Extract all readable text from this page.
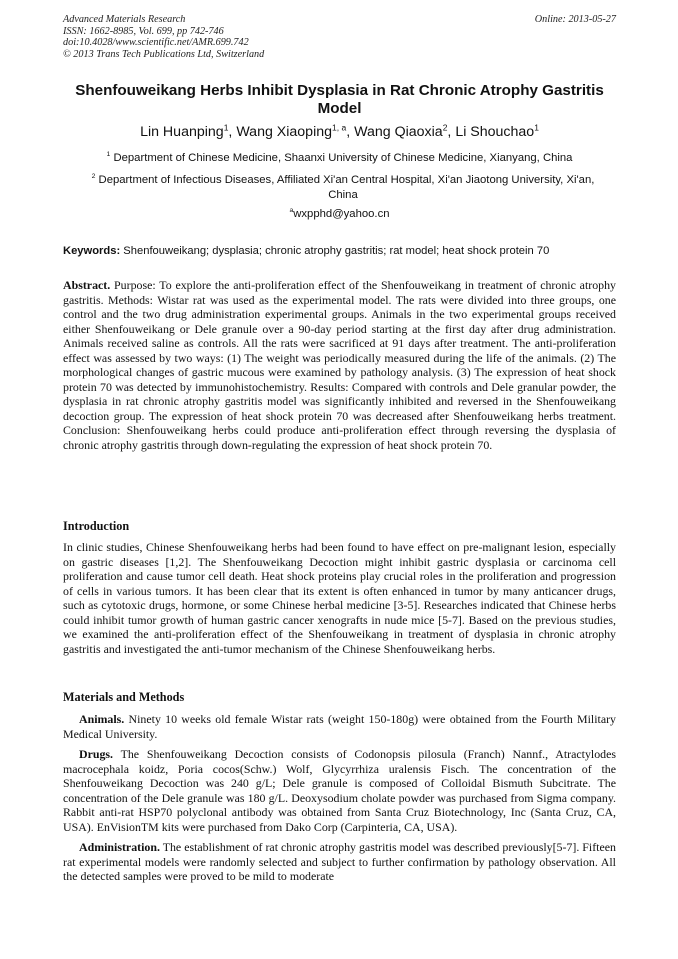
Advanced Materials Research
ISSN: 1662-8985, Vol. 699, pp 742-746
doi:10.4028/www.scientific.net/AMR.699.742
© 2013 Trans Tech Publications Ltd, Switzerland
Online: 2013-05-27
Shenfouweikang Herbs Inhibit Dysplasia in Rat Chronic Atrophy Gastritis Model
Lin Huanping$^1$, Wang Xiaoping$^{1, a}$, Wang Qiaoxia$^2$, Li Shouchao$^1$
$^1$ Department of Chinese Medicine, Shaanxi University of Chinese Medicine, Xianyang, China
$^2$ Department of Infectious Diseases, Affiliated Xi'an Central Hospital, Xi'an Jiaotong University, Xi'an, China
$^a$wxpphd@yahoo.cn
Keywords: Shenfouweikang; dysplasia; chronic atrophy gastritis; rat model; heat shock protein 70

Abstract. Purpose: To explore the anti-proliferation effect of the Shenfouweikang in treatment of chronic atrophy gastritis. Methods: Wistar rat was used as the experimental model. The rats were divided into three groups, one control and the two drug administration experimental groups. Animals in the two experimental groups received either Shenfouweikang or Dele granule over a 90-day period starting at the first day after drug administration. Animals received saline as controls. All the rats were sacrificed at 91 days after treatment. The anti-proliferation effect was assessed by two ways: (1) The weight was periodically measured during the life of the animals. (2) The morphological changes of gastric mucous were examined by pathology analysis. (3) The expression of heat shock protein 70 was detected by immunohistochemistry. Results: Compared with controls and Dele granular powder, the dysplasia in rat chronic atrophy gastritis model was significantly inhibited and reversed in the Shenfouweikang decoction group. The expression of heat shock protein 70 was decreased after Shenfouweikang herbs treatment. Conclusion: Shenfouweikang herbs could produce anti-proliferation effect through reversing the dysplasia of chronic atrophy gastritis through down-regulating the expression of heat shock protein 70.

Introduction

In clinic studies, Chinese Shenfouweikang herbs had been found to have effect on pre-malignant lesion, especially on gastric diseases [1,2]. The Shenfouweikang Decoction might inhibit gastric dysplasia or carcinoma cell proliferation and cause tumor cell death. Heat shock proteins play crucial roles in the proliferation and progression of cells in various tumors. It has been clear that its extent is often enhanced in tumor by many anticancer drugs, such as cytotoxic drugs, hormone, or some Chinese herbal medicine [3-5]. Researches indicated that Chinese herbs could inhibit tumor growth of human gastric cancer xenografts in nude mice [5-7]. Based on the previous studies, we examined the anti-proliferation effect of the Shenfouweikang in treatment of dysplasia in chronic atrophy gastritis and investigated the anti-tumor mechanism of the Chinese Shenfouweikang herbs.

Materials and Methods

Animals. Ninety 10 weeks old female Wistar rats (weight 150-180g) were obtained from the Fourth Military Medical University.

Drugs. The Shenfouweikang Decoction consists of Codonopsis pilosula (Franch) Nannf., Atractylodes macrocephala koidz, Poria cocos(Schw.) Wolf, Glycyrrhiza uralensis Fisch. The concentration of the Shenfouweikang Decoction was 240 g/L; Dele granule is composed of Colloidal Bismuth Subcitrate. The concentration of the Dele granule was 180 g/L. Deoxysodium cholate powder was purchased from Sigma company. Rabbit anti-rat HSP70 polyclonal antibody was obtained from Santa Cruz Biotechnology, Inc (Santa Cruz, CA, USA). EnVisionTM kits were purchased from Dako Corp (Carpinteria, CA, USA).

Administration. The establishment of rat chronic atrophy gastritis model was described previously[5-7]. Fifteen rat experimental models were randomly selected and subject to further confirmation by pathology observation. All the detected samples were proved to be mild to moderate
